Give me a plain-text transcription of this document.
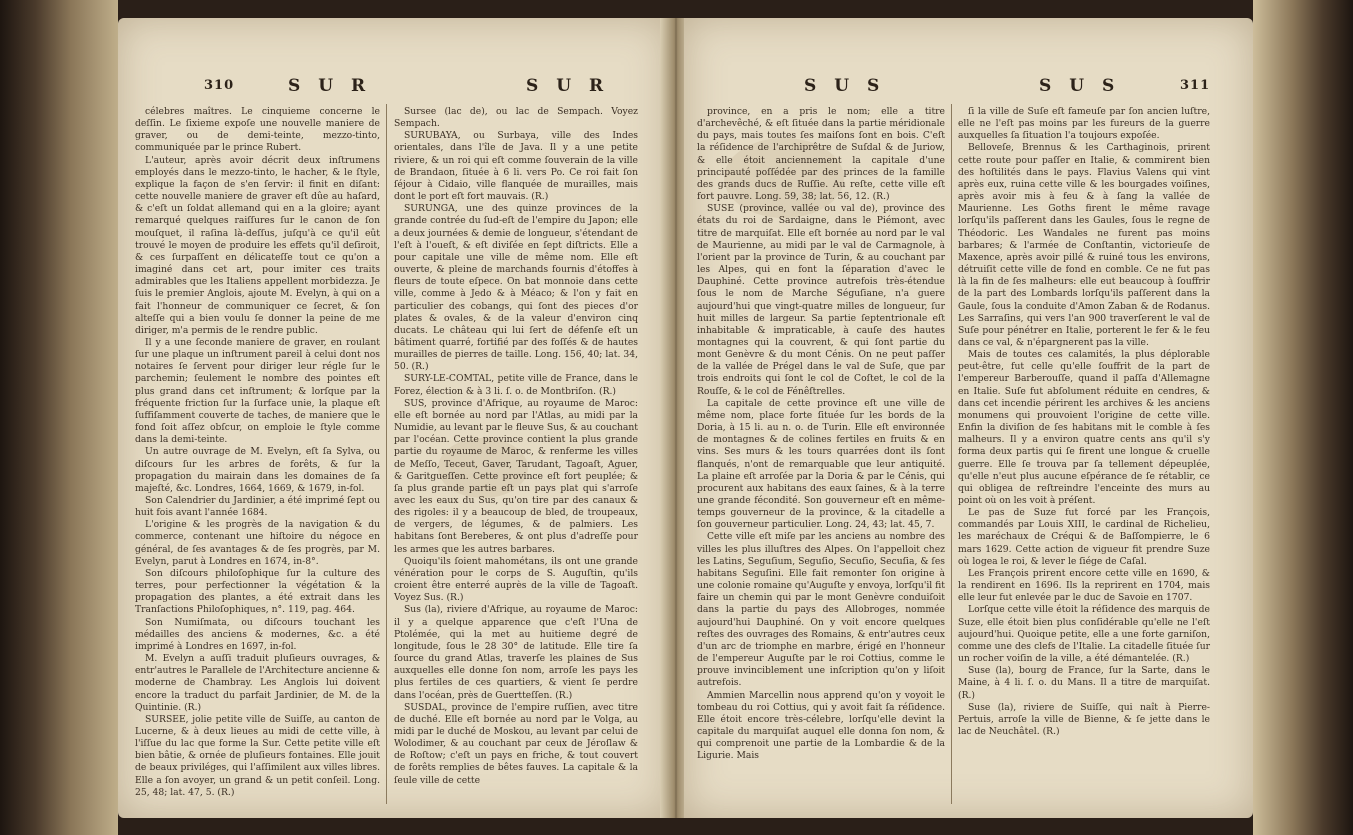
310	S U R	S U R

célebres maîtres. Le cinquieme concerne le deſſin. Le ſixieme expoſe une nouvelle maniere de graver, ou de demi-teinte, mezzo-tinto, communiquée par le prince Rubert.

L'auteur, après avoir décrit deux inſtrumens employés dans le mezzo-tinto, le hacher, & le ſtyle, explique la façon de s'en ſervir: il finit en diſant: cette nouvelle maniere de graver eſt dûe au haſard, & c'eſt un ſoldat allemand qui en a la gloire; ayant remarqué quelques raiſſures ſur le canon de ſon mouſquet, il raſina là-deſſus, juſqu'à ce qu'il eût trouvé le moyen de produire les effets qu'il deſiroit, & ces ſurpaſſent en délicateſſe tout ce qu'on a imaginé dans cet art, pour imiter ces traits admirables que les Italiens appellent morbidezza. Je ſuis le premier Anglois, ajoute M. Evelyn, à qui on a fait l'honneur de communiquer ce ſecret, & ſon alteſſe qui a bien voulu ſe donner la peine de me diriger, m'a permis de le rendre public.

Il y a une ſeconde maniere de graver, en roulant ſur une plaque un inſtrument pareil à celui dont nos notaires ſe ſervent pour diriger leur régle ſur le parchemin; ſeulement le nombre des pointes eſt plus grand dans cet inſtrument; & lorſque par la fréquente friction ſur la ſurface unie, la plaque eſt ſuffiſamment couverte de taches, de maniere que le fond ſoit aſſez obſcur, on emploie le ſtyle comme dans la demi-teinte.

Un autre ouvrage de M. Evelyn, eſt ſa Sylva, ou diſcours ſur les arbres de forêts, & ſur la propagation du mairain dans les domaines de ſa majeſté, &c. Londres, 1664, 1669, & 1679, in-fol.

Son Calendrier du Jardinier, a été imprimé ſept ou huit fois avant l'année 1684.

L'origine & les progrès de la navigation & du commerce, contenant une hiſtoire du négoce en général, de ſes avantages & de ſes progrès, par M. Evelyn, parut à Londres en 1674, in-8°.

Son diſcours philoſophique ſur la culture des terres, pour perfectionner la végétation & la propagation des plantes, a été extrait dans les Tranſactions Philoſophiques, n°. 119, pag. 464.

Son Numiſmata, ou diſcours touchant les médailles des anciens & modernes, &c. a été imprimé à Londres en 1697, in-fol.

M. Evelyn a auſſi traduit pluſieurs ouvrages, & entr'autres le Parallele de l'Architecture ancienne & moderne de Chambray. Les Anglois lui doivent encore la traduct du parfait Jardinier, de M. de la Quintinie. (R.)

SURSEE, jolie petite ville de Suiſſe, au canton de Lucerne, & à deux lieues au midi de cette ville, à l'iſſue du lac que forme la Sur. Cette petite ville eſt bien bâtie, & ornée de pluſieurs fontaines. Elle jouit de beaux priviléges, qui l'aſſimilent aux villes libres. Elle a ſon avoyer, un grand & un petit conſeil. Long. 25, 48; lat. 47, 5. (R.)

Sursee (lac de), ou lac de Sempach. Voyez Sempach.

SURUBAYA, ou Surbaya, ville des Indes orientales, dans l'île de Java. Il y a une petite riviere, & un roi qui eſt comme ſouverain de la ville de Brandaon, ſituée à 6 li. vers Po. Ce roi fait ſon ſéjour à Cidaio, ville flanquée de murailles, mais dont le port eſt fort mauvais. (R.)

SURUNGA, une des quinze provinces de la grande contrée du ſud-eſt de l'empire du Japon; elle a deux journées & demie de longueur, s'étendant de l'eſt à l'oueſt, & eſt diviſée en ſept diſtricts. Elle a pour capitale une ville de même nom. Elle eſt ouverte, & pleine de marchands fournis d'étoffes à fleurs de toute eſpece. On bat monnoie dans cette ville, comme à Jedo & à Méaco; & l'on y fait en particulier des cobangs, qui ſont des pieces d'or plates & ovales, & de la valeur d'environ cinq ducats. Le château qui lui ſert de défenſe eſt un bâtiment quarré, fortifié par des foſſés & de hautes murailles de pierres de taille. Long. 156, 40; lat. 34, 50. (R.)

SURY-LE-COMTAL, petite ville de France, dans le Forez, élection & à 3 li. ſ. o. de Montbriſon. (R.)

SUS, province d'Afrique, au royaume de Maroc: elle eſt bornée au nord par l'Atlas, au midi par la Numidie, au levant par le fleuve Sus, & au couchant par l'océan. Cette province contient la plus grande partie du royaume de Maroc, & renferme les villes de Meſſo, Teceut, Gaver, Tarudant, Tagoaſt, Aguer, & Garitgueſſen. Cette province eſt fort peuplée; & ſa plus grande partie eſt un pays plat qui s'arroſe avec les eaux du Sus, qu'on tire par des canaux & des rigoles: il y a beaucoup de bled, de troupeaux, de vergers, de légumes, & de palmiers. Les habitans ſont Bereberes, & ont plus d'adreſſe pour les armes que les autres barbares.

Quoiqu'ils ſoient mahométans, ils ont une grande vénération pour le corps de S. Auguſtin, qu'ils croient être enterré auprès de la ville de Tagoaſt. Voyez Sus. (R.)

Sus (la), riviere d'Afrique, au royaume de Maroc: il y a quelque apparence que c'eſt l'Una de Ptolémée, qui la met au huitieme degré de longitude, ſous le 28 30° de latitude. Elle tire ſa ſource du grand Atlas, traverſe les plaines de Sus auxquelles elle donne ſon nom, arroſe les pays les plus fertiles de ces quartiers, & vient ſe perdre dans l'océan, près de Guertteſſen. (R.)

SUSDAL, province de l'empire ruſſien, avec titre de duché. Elle eſt bornée au nord par le Volga, au midi par le duché de Moskou, au levant par celui de Wolodimer, & au couchant par ceux de Jéroſlaw & de Roſtow; c'eſt un pays en friche, & tout couvert de forêts remplies de bêtes fauves. La capitale & la ſeule ville de cette

S U S	S U S	311

province, en a pris le nom; elle a titre d'archevêché, & eſt ſituée dans la partie méridionale du pays, mais toutes ſes maiſons ſont en bois. C'eſt la réſidence de l'archiprêtre de Suſdal & de Juriow, & elle étoit anciennement la capitale d'une principauté poſſédée par des princes de la famille des grands ducs de Ruſſie. Au reſte, cette ville eſt fort pauvre. Long. 59, 38; lat. 56, 12. (R.)

SUSE (province, vallée ou val de), province des états du roi de Sardaigne, dans le Piémont, avec titre de marquiſat. Elle eſt bornée au nord par le val de Maurienne, au midi par le val de Carmagnole, à l'orient par la province de Turin, & au couchant par les Alpes, qui en font la ſéparation d'avec le Dauphiné. Cette province autrefois très-étendue ſous le nom de Marche Séguſiane, n'a guere aujourd'hui que vingt-quatre milles de longueur, ſur huit milles de largeur. Sa partie ſeptentrionale eſt inhabitable & impraticable, à cauſe des hautes montagnes qui la couvrent, & qui ſont partie du mont Genèvre & du mont Cénis. On ne peut paſſer de la vallée de Prégel dans le val de Suſe, que par trois endroits qui ſont le col de Coſtet, le col de la Rouſſe, & le col de Fénêſtrelles.

La capitale de cette province eſt une ville de même nom, place forte ſituée ſur les bords de la Doria, à 15 li. au n. o. de Turin. Elle eſt environnée de montagnes & de colines fertiles en fruits & en vins. Ses murs & les tours quarrées dont ils ſont flanqués, n'ont de remarquable que leur antiquité. La plaine eſt arroſée par la Doria & par le Cénis, qui procurent aux habitans des eaux ſaines, & à la terre une grande fécondité. Son gouverneur eſt en même-temps gouverneur de la province, & la citadelle a ſon gouverneur particulier. Long. 24, 43; lat. 45, 7.

Cette ville eſt miſe par les anciens au nombre des villes les plus illuſtres des Alpes. On l'appelloit chez les Latins, Seguſium, Seguſio, Secuſio, Secuſia, & ſes habitans Seguſini. Elle fait remonter ſon origine à une colonie romaine qu'Auguſte y envoya, lorſqu'il fit faire un chemin qui par le mont Genèvre conduiſoit dans la partie du pays des Allobroges, nommée aujourd'hui Dauphiné. On y voit encore quelques reſtes des ouvrages des Romains, & entr'autres ceux d'un arc de triomphe en marbre, érigé en l'honneur de l'empereur Auguſte par le roi Cottius, comme le prouve invinciblement une inſcription qu'on y liſoit autrefois.

Ammien Marcellin nous apprend qu'on y voyoit le tombeau du roi Cottius, qui y avoit fait ſa réſidence. Elle étoit encore très-célebre, lorſqu'elle devint la capitale du marquiſat auquel elle donna ſon nom, & qui comprenoit une partie de la Lombardie & de la Ligurie. Mais

ſi la ville de Suſe eſt fameuſe par ſon ancien luſtre, elle ne l'eſt pas moins par les fureurs de la guerre auxquelles ſa ſituation l'a toujours expoſée.

Belloveſe, Brennus & les Carthaginois, prirent cette route pour paſſer en Italie, & commirent bien des hoſtilités dans le pays. Flavius Valens qui vint après eux, ruina cette ville & les bourgades voiſines, après avoir mis à feu & à ſang la vallée de Maurienne. Les Goths firent le même ravage lorſqu'ils paſſerent dans les Gaules, ſous le regne de Théodoric. Les Wandales ne furent pas moins barbares; & l'armée de Conſtantin, victorieuſe de Maxence, après avoir pillé & ruiné tous les environs, détruiſit cette ville de fond en comble. Ce ne fut pas là la fin de ſes malheurs: elle eut beaucoup à ſouffrir de la part des Lombards lorſqu'ils paſſerent dans la Gaule, ſous la conduite d'Amon Zaban & de Rodanus. Les Sarraſins, qui vers l'an 900 traverſerent le val de Suſe pour pénétrer en Italie, porterent le fer & le feu dans ce val, & n'épargnerent pas la ville.

Mais de toutes ces calamités, la plus déplorable peut-être, fut celle qu'elle ſouffrit de la part de l'empereur Barberouſſe, quand il paſſa d'Allemagne en Italie. Suſe fut abſolument réduite en cendres, & dans cet incendie périrent les archives & les anciens monumens qui prouvoient l'origine de cette ville. Enfin la diviſion de ſes habitans mit le comble à ſes malheurs. Il y a environ quatre cents ans qu'il s'y forma deux partis qui ſe firent une longue & cruelle guerre. Elle ſe trouva par ſa tellement dépeuplée, qu'elle n'eut plus aucune eſpérance de ſe rétablir, ce qui obligea de reſtreindre l'enceinte des murs au point où on les voit à préſent.

Le pas de Suze fut forcé par les François, commandés par Louis XIII, le cardinal de Richelieu, les maréchaux de Créqui & de Baſſompierre, le 6 mars 1629. Cette action de vigueur fit prendre Suze où logea le roi, & lever le ſiége de Caſal.

Les François prirent encore cette ville en 1690, & la rendirent en 1696. Ils la reprirent en 1704, mais elle leur fut enlevée par le duc de Savoie en 1707.

Lorſque cette ville étoit la réſidence des marquis de Suze, elle étoit bien plus conſidérable qu'elle ne l'eſt aujourd'hui. Quoique petite, elle a une forte garniſon, comme une des clefs de l'Italie. La citadelle ſituée ſur un rocher voiſin de la ville, a été démantelée. (R.)

Suse (la), bourg de France, ſur la Sarte, dans le Maine, à 4 li. ſ. o. du Mans. Il a titre de marquiſat. (R.)

Suse (la), riviere de Suiſſe, qui naît à Pierre-Pertuis, arroſe la ville de Bienne, & ſe jette dans le lac de Neuchâtel. (R.)
